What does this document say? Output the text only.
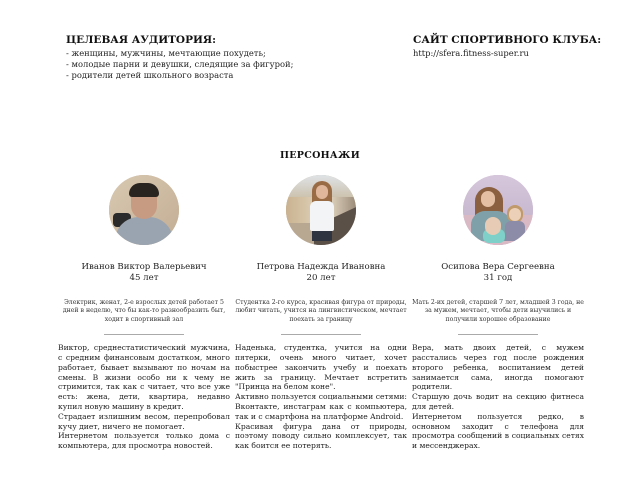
ЦЕЛЕВАЯ АУДИТОРИЯ:
- женщины, мужчины, мечтающие похудеть;
- молодые парни и девушки, следящие за фигурой;
- родители детей школьного возраста
САЙТ СПОРТИВНОГО КЛУБА:
http://sfera.fitness-super.ru
ПЕРСОНАЖИ
Иванов Виктор Валерьевич
45 лет
Электрик, женат, 2-е взрослых детей работает 5 дней в неделю, что бы как-то разнообразить быт, ходит в спортивный зал

Виктор, среднестатистический мужчина, с средним финансовым достатком, много работает, бывает вызывают по ночам на смены. В жизни особо ни к чему не стримится, так как с читает, что все уже есть: жена, дети, квартира, недавно купил новую машину в кредит.

Страдает излишним весом, перепробовал кучу диет, ничего не помогает.

Интернетом пользуется только дома с компьютера, для просмотра новостей.

Петрова Надежда Ивановна
20 лет
Студентка 2-го курса, красивая фигура от природы, любит читать, учится на лингвистическом, мечтает поехать за границу

Наденька, студентка, учится на одни пятерки, очень много читает, хочет побыстрее закончить учебу и поехать жить за границу. Мечтает встретить "Принца на белом коне".

Активно пользуется социальными сетями: Вконтакте, инстаграм как с компьютера, так и с смартфона на платформе Android.

Красивая фигура дана от природы, поэтому поводу сильно комплексует, так как боится ее потерять.

Осипова Вера Сергеевна
31 год
Мать 2-их детей, старшей 7 лет, младшей 3 года, не за мужем, мечтает, чтобы дети выучились и получили хорошее образование

Вера, мать двоих детей, с мужем расстались через год после рождения второго ребенка, воспитанием детей занимается сама, иногда помогают родители.

Старшую дочь водит на секцию фитнеса для детей.

Интернетом пользуется редко, в основном заходит с телефона для просмотра сообщений в социальных сетях и мессенджерах.
